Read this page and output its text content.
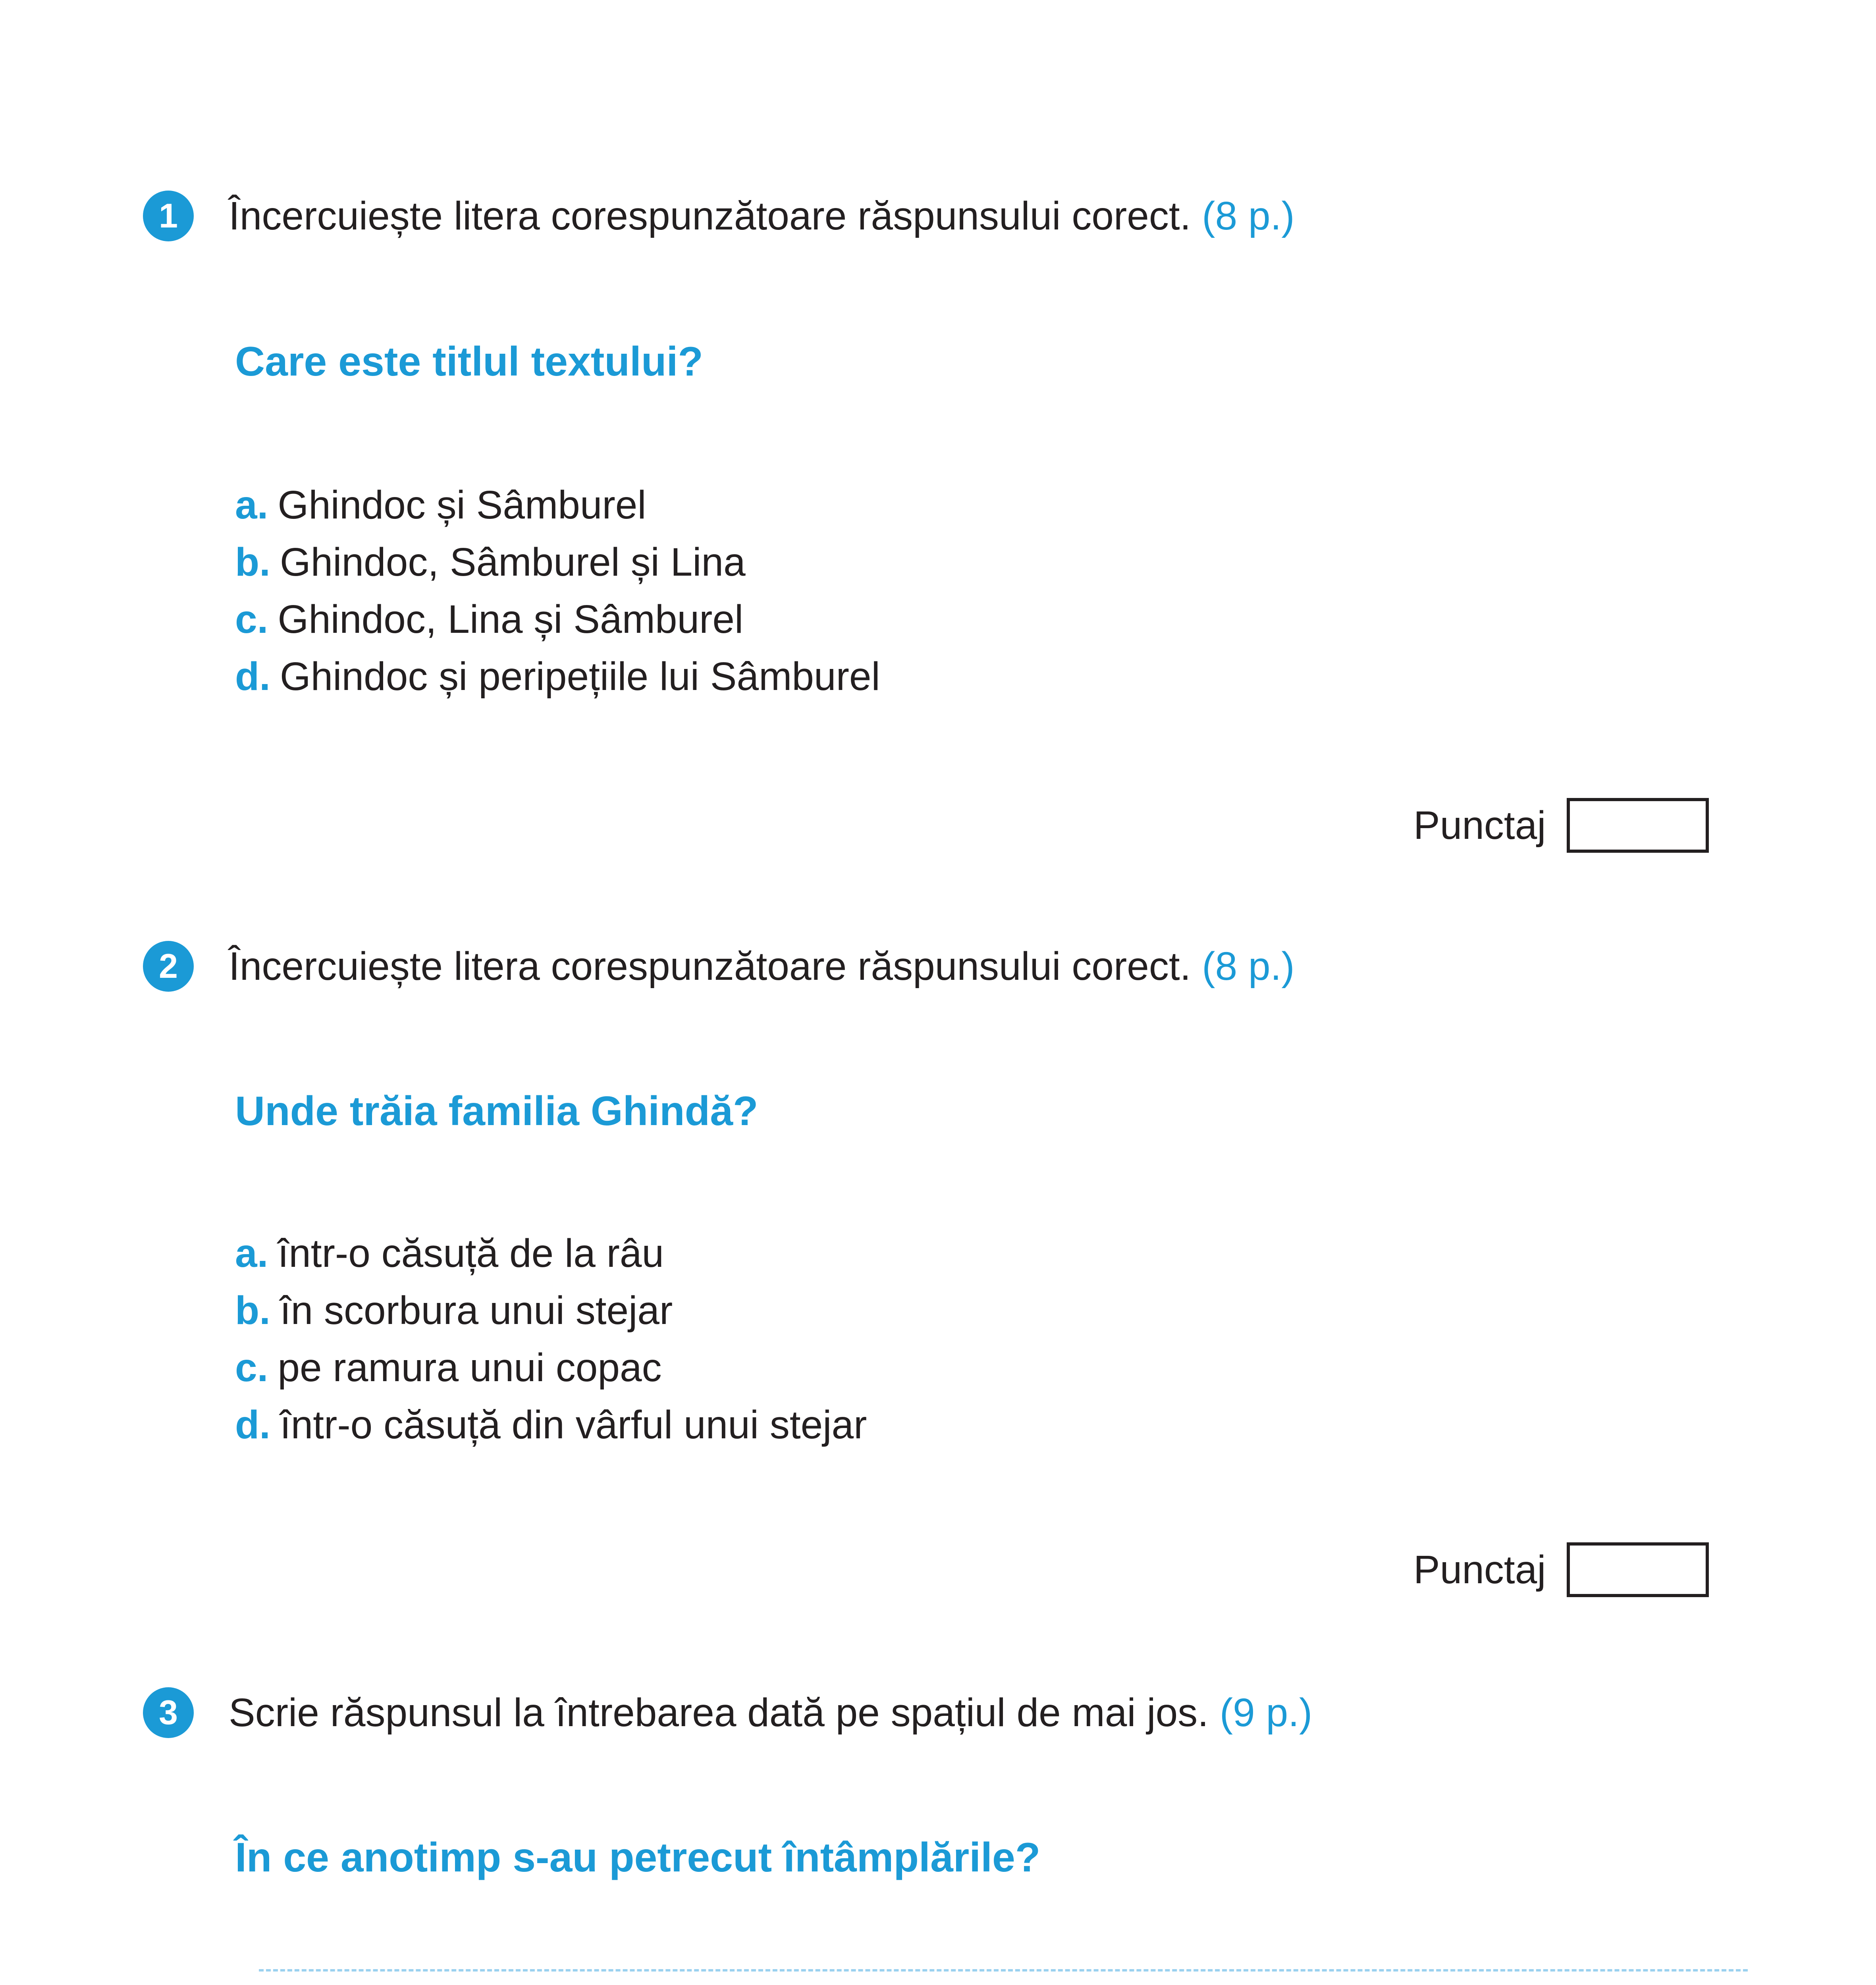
1	Încercuiește litera corespunzătoare răspunsului corect. (8 p.)
Care este titlul textului?
a. Ghindoc și Sâmburel
b. Ghindoc, Sâmburel și Lina
c. Ghindoc, Lina și Sâmburel
d. Ghindoc și peripețiile lui Sâmburel
Punctaj
2	Încercuiește litera corespunzătoare răspunsului corect. (8 p.)
Unde trăia familia Ghindă?
a. într-o căsuță de la râu
b. în scorbura unui stejar
c. pe ramura unui copac
d. într-o căsuță din vârful unui stejar
Punctaj
3	Scrie răspunsul la întrebarea dată pe spațiul de mai jos. (9 p.)
În ce anotimp s-au petrecut întâmplările?
